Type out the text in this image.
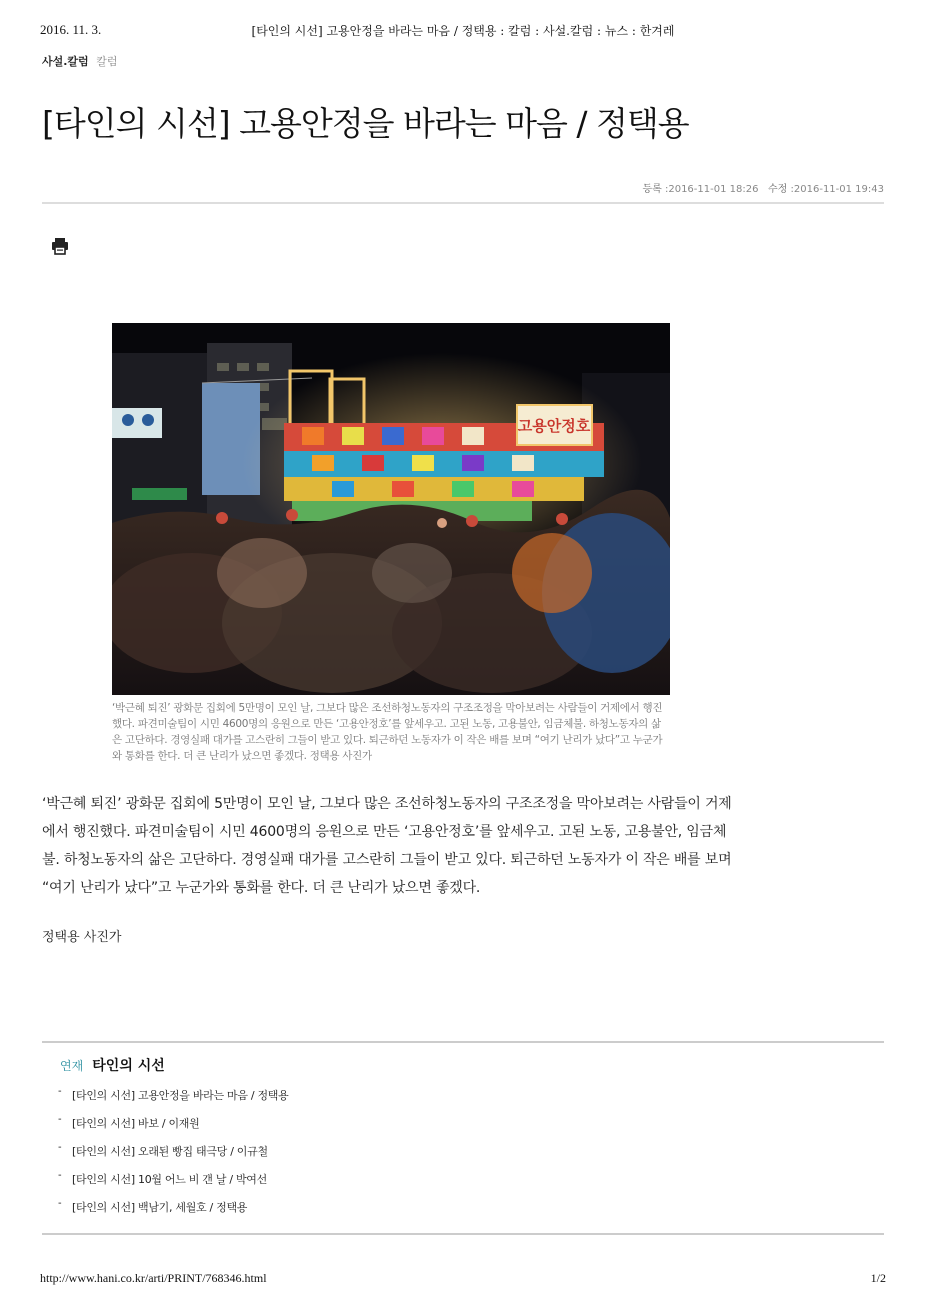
2016. 11. 3.	[타인의 시선] 고용안정을 바라는 마음 / 정택용 : 칼럼 : 사설.칼럼 : 뉴스 : 한겨레
사설.칼럼 칼럼
[타인의 시선] 고용안정을 바라는 마음 / 정택용
등록 :2016-11-01 18:26 수정 :2016-11-01 19:43
고용안정호
‘박근혜 퇴진’ 광화문 집회에 5만명이 모인 날, 그보다 많은 조선하청노동자의 구조조정을 막아보려는 사람들이 거제에서 행진했다. 파견미술팀이 시민 4600명의 응원으로 만든 ‘고용안정호’를 앞세우고. 고된 노동, 고용불안, 임금체불. 하청노동자의 삶은 고단하다. 경영실패 대가를 고스란히 그들이 받고 있다. 퇴근하던 노동자가 이 작은 배를 보며 “여기 난리가 났다”고 누군가와 통화를 한다. 더 큰 난리가 났으면 좋겠다. 정택용 사진가
‘박근혜 퇴진’ 광화문 집회에 5만명이 모인 날, 그보다 많은 조선하청노동자의 구조조정을 막아보려는 사람들이 거제에서 행진했다. 파견미술팀이 시민 4600명의 응원으로 만든 ‘고용안정호’를 앞세우고. 고된 노동, 고용불안, 임금체불. 하청노동자의 삶은 고단하다. 경영실패 대가를 고스란히 그들이 받고 있다. 퇴근하던 노동자가 이 작은 배를 보며 “여기 난리가 났다”고 누군가와 통화를 한다. 더 큰 난리가 났으면 좋겠다.
정택용 사진가
연재 타인의 시선
- [타인의 시선] 고용안정을 바라는 마음 / 정택용
- [타인의 시선] 바보 / 이재원
- [타인의 시선] 오래된 빵집 태극당 / 이규철
- [타인의 시선] 10월 어느 비 갠 날 / 박여선
- [타인의 시선] 백남기, 세월호 / 정택용
http://www.hani.co.kr/arti/PRINT/768346.html	1/2
